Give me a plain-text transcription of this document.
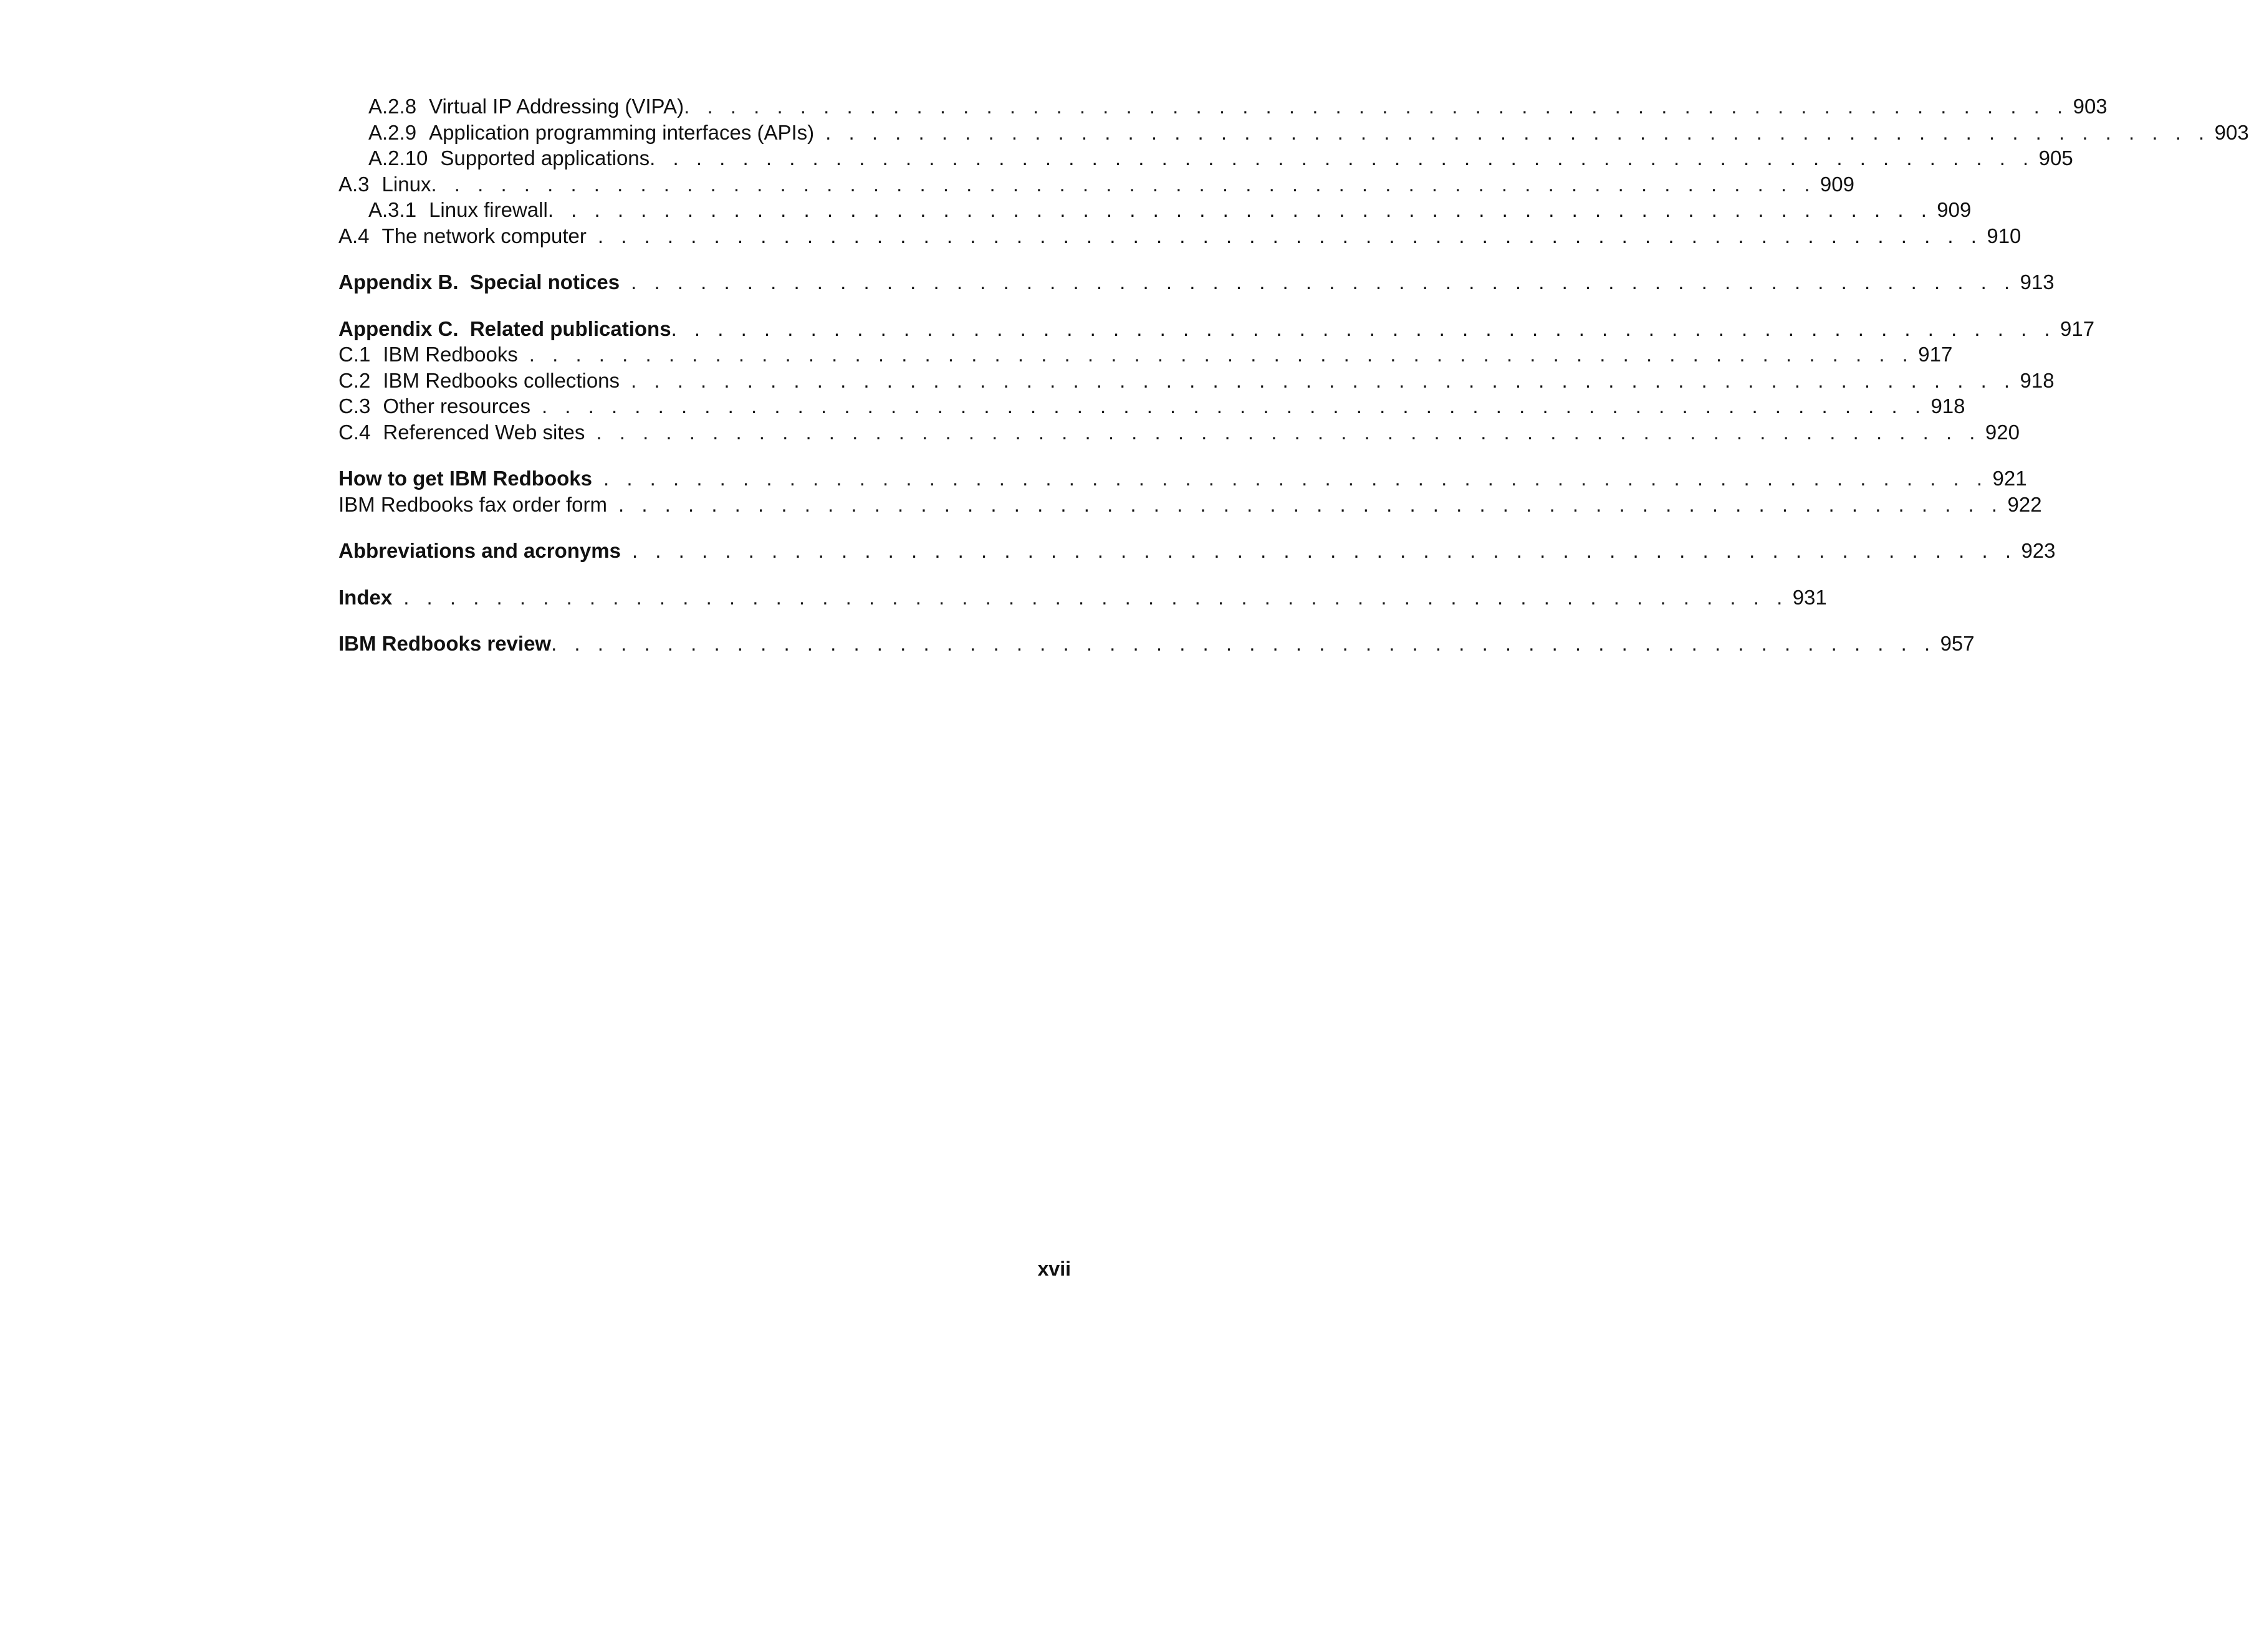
A.2.8 Virtual IP Addressing (VIPA) . . . . . . . . . . . . . . . . . . . . . . . . . . . . . . . . . . . . . . . . . . . . . . . . . . . . . . . . . . . . 903
A.2.9 Application programming interfaces (APIs) . . . . . . . . . . . . . . . . . . . . . . . . . . . . . . . . . . . . . . . . . . . . . . . . . . . . . . . . . . . . 903
A.2.10 Supported applications . . . . . . . . . . . . . . . . . . . . . . . . . . . . . . . . . . . . . . . . . . . . . . . . . . . . . . . . . . . . 905
A.3 Linux . . . . . . . . . . . . . . . . . . . . . . . . . . . . . . . . . . . . . . . . . . . . . . . . . . . . . . . . . . . . 909
A.3.1 Linux firewall . . . . . . . . . . . . . . . . . . . . . . . . . . . . . . . . . . . . . . . . . . . . . . . . . . . . . . . . . . . . 909
A.4 The network computer . . . . . . . . . . . . . . . . . . . . . . . . . . . . . . . . . . . . . . . . . . . . . . . . . . . . . . . . . . . . 910
Appendix B.  Special notices . . . . . . . . . . . . . . . . . . . . . . . . . . . . . . . . . . . . . . . . . . . . . . . . . . . . . . . . . . . . 913
Appendix C.  Related publications . . . . . . . . . . . . . . . . . . . . . . . . . . . . . . . . . . . . . . . . . . . . . . . . . . . . . . . . . . . . 917
C.1 IBM Redbooks . . . . . . . . . . . . . . . . . . . . . . . . . . . . . . . . . . . . . . . . . . . . . . . . . . . . . . . . . . . . 917
C.2 IBM Redbooks collections . . . . . . . . . . . . . . . . . . . . . . . . . . . . . . . . . . . . . . . . . . . . . . . . . . . . . . . . . . . . 918
C.3 Other resources . . . . . . . . . . . . . . . . . . . . . . . . . . . . . . . . . . . . . . . . . . . . . . . . . . . . . . . . . . . . 918
C.4 Referenced Web sites . . . . . . . . . . . . . . . . . . . . . . . . . . . . . . . . . . . . . . . . . . . . . . . . . . . . . . . . . . . . 920
How to get IBM Redbooks . . . . . . . . . . . . . . . . . . . . . . . . . . . . . . . . . . . . . . . . . . . . . . . . . . . . . . . . . . . . 921
IBM Redbooks fax order form . . . . . . . . . . . . . . . . . . . . . . . . . . . . . . . . . . . . . . . . . . . . . . . . . . . . . . . . . . . . 922
Abbreviations and acronyms . . . . . . . . . . . . . . . . . . . . . . . . . . . . . . . . . . . . . . . . . . . . . . . . . . . . . . . . . . . . 923
Index . . . . . . . . . . . . . . . . . . . . . . . . . . . . . . . . . . . . . . . . . . . . . . . . . . . . . . . . . . . . 931
IBM Redbooks review . . . . . . . . . . . . . . . . . . . . . . . . . . . . . . . . . . . . . . . . . . . . . . . . . . . . . . . . . . . . 957
xvii
